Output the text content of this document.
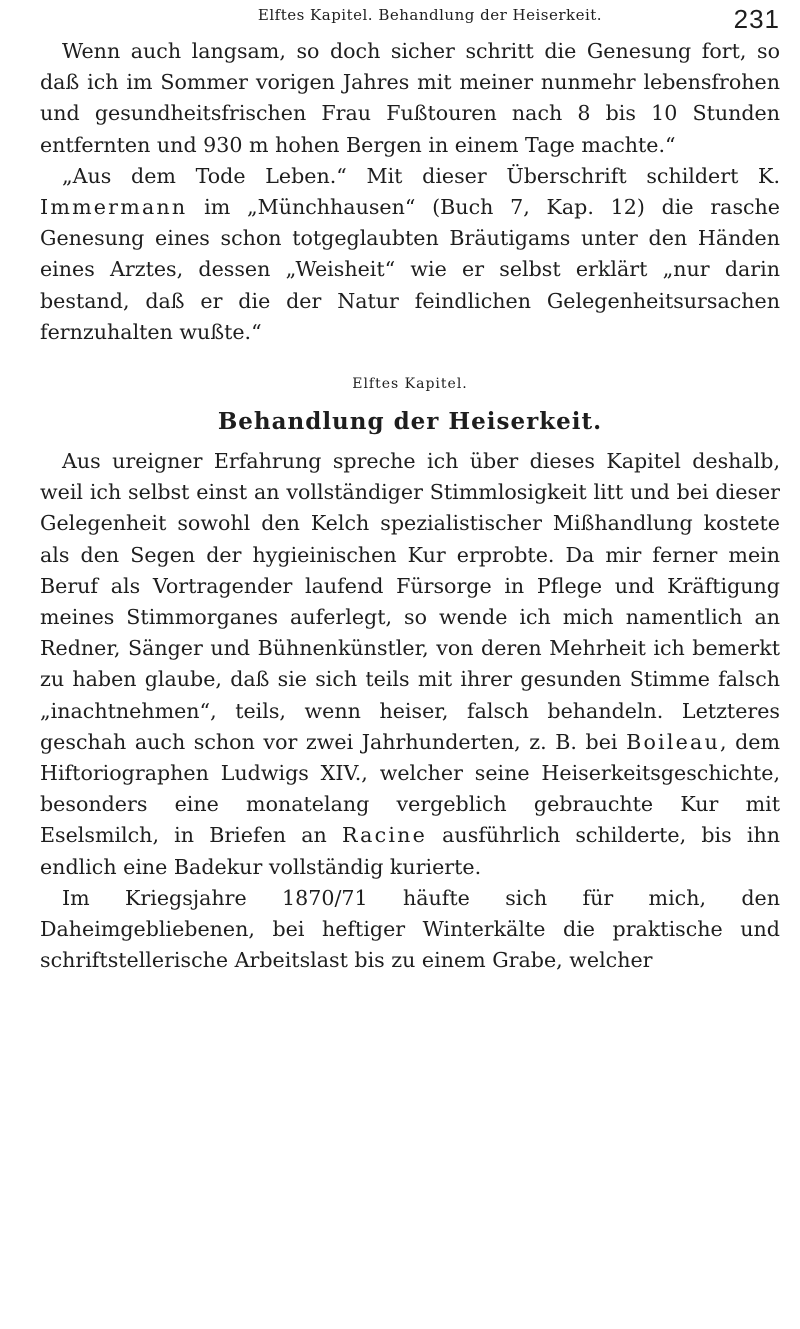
Elftes Kapitel. Behandlung der Heiserkeit.	231

Wenn auch langsam, so doch sicher schritt die Genesung fort, so daß ich im Sommer vorigen Jahres mit meiner nunmehr lebensfrohen und gesundheitsfrischen Frau Fußtouren nach 8 bis 10 Stunden entfernten und 930 m hohen Bergen in einem Tage machte.“

„Aus dem Tode Leben.“ Mit dieser Überschrift schildert K. Immermann im „Münchhausen“ (Buch 7, Kap. 12) die rasche Genesung eines schon totgeglaubten Bräutigams unter den Händen eines Arztes, dessen „Weisheit“ wie er selbst erklärt „nur darin bestand, daß er die der Natur feindlichen Gelegenheitsursachen fernzuhalten wußte.“

Elftes Kapitel.
Behandlung der Heiserkeit.

Aus ureigner Erfahrung spreche ich über dieses Kapitel deshalb, weil ich selbst einst an vollständiger Stimmlosigkeit litt und bei dieser Gelegenheit sowohl den Kelch spezialistischer Mißhandlung kostete als den Segen der hygieinischen Kur erprobte. Da mir ferner mein Beruf als Vortragender laufend Fürsorge in Pflege und Kräftigung meines Stimmorganes auferlegt, so wende ich mich namentlich an Redner, Sänger und Bühnenkünstler, von deren Mehrheit ich bemerkt zu haben glaube, daß sie sich teils mit ihrer gesunden Stimme falsch „inachtnehmen“, teils, wenn heiser, falsch behandeln. Letzteres geschah auch schon vor zwei Jahrhunderten, z. B. bei Boileau, dem Hiftoriographen Ludwigs XIV., welcher seine Heiserkeitsgeschichte, besonders eine monatelang vergeblich gebrauchte Kur mit Eselsmilch, in Briefen an Racine ausführlich schilderte, bis ihn endlich eine Badekur vollständig kurierte.

Im Kriegsjahre 1870/71 häufte sich für mich, den Daheimgebliebenen, bei heftiger Winterkälte die praktische und schriftstellerische Arbeitslast bis zu einem Grabe, welcher
